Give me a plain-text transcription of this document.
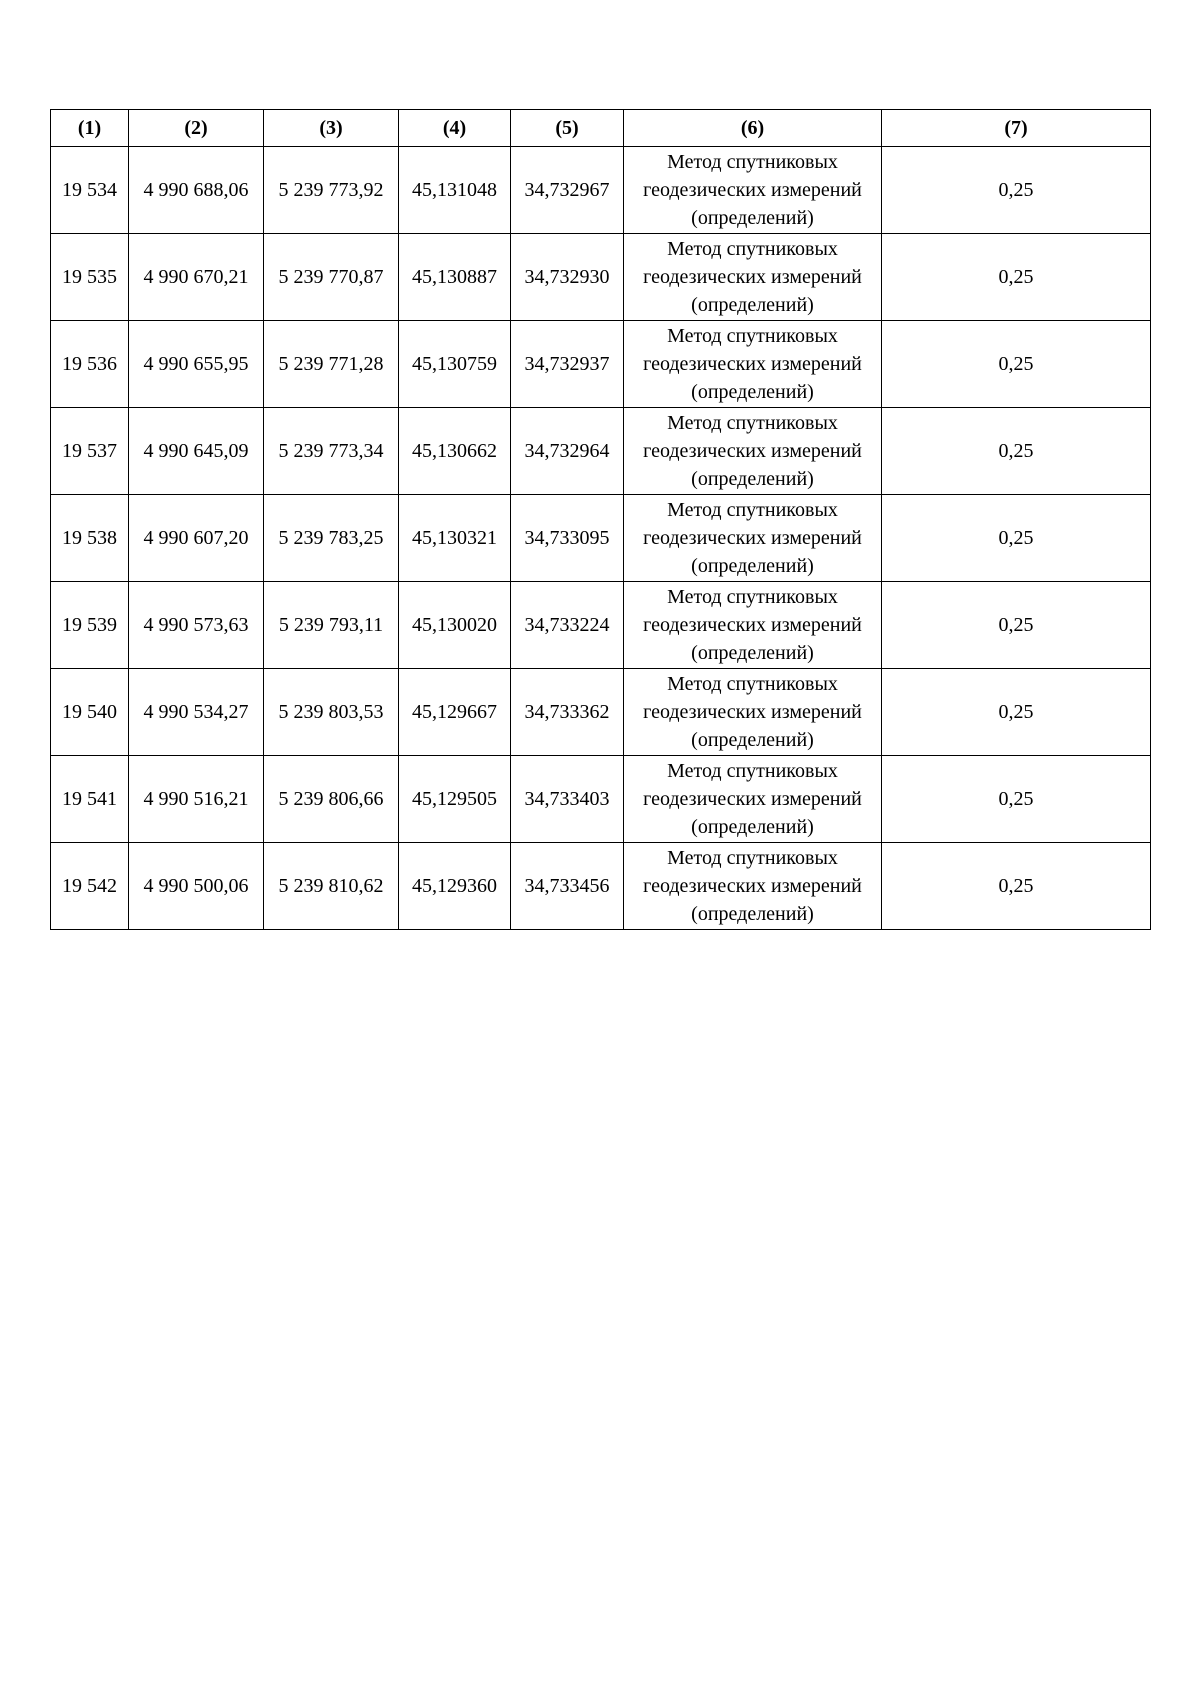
(1)	(2)	(3)	(4)	(5)	(6)	(7)
19 534	4 990 688,06	5 239 773,92	45,131048	34,732967	Метод спутниковых
геодезических измерений
(определений)	0,25
19 535	4 990 670,21	5 239 770,87	45,130887	34,732930	Метод спутниковых
геодезических измерений
(определений)	0,25
19 536	4 990 655,95	5 239 771,28	45,130759	34,732937	Метод спутниковых
геодезических измерений
(определений)	0,25
19 537	4 990 645,09	5 239 773,34	45,130662	34,732964	Метод спутниковых
геодезических измерений
(определений)	0,25
19 538	4 990 607,20	5 239 783,25	45,130321	34,733095	Метод спутниковых
геодезических измерений
(определений)	0,25
19 539	4 990 573,63	5 239 793,11	45,130020	34,733224	Метод спутниковых
геодезических измерений
(определений)	0,25
19 540	4 990 534,27	5 239 803,53	45,129667	34,733362	Метод спутниковых
геодезических измерений
(определений)	0,25
19 541	4 990 516,21	5 239 806,66	45,129505	34,733403	Метод спутниковых
геодезических измерений
(определений)	0,25
19 542	4 990 500,06	5 239 810,62	45,129360	34,733456	Метод спутниковых
геодезических измерений
(определений)	0,25
